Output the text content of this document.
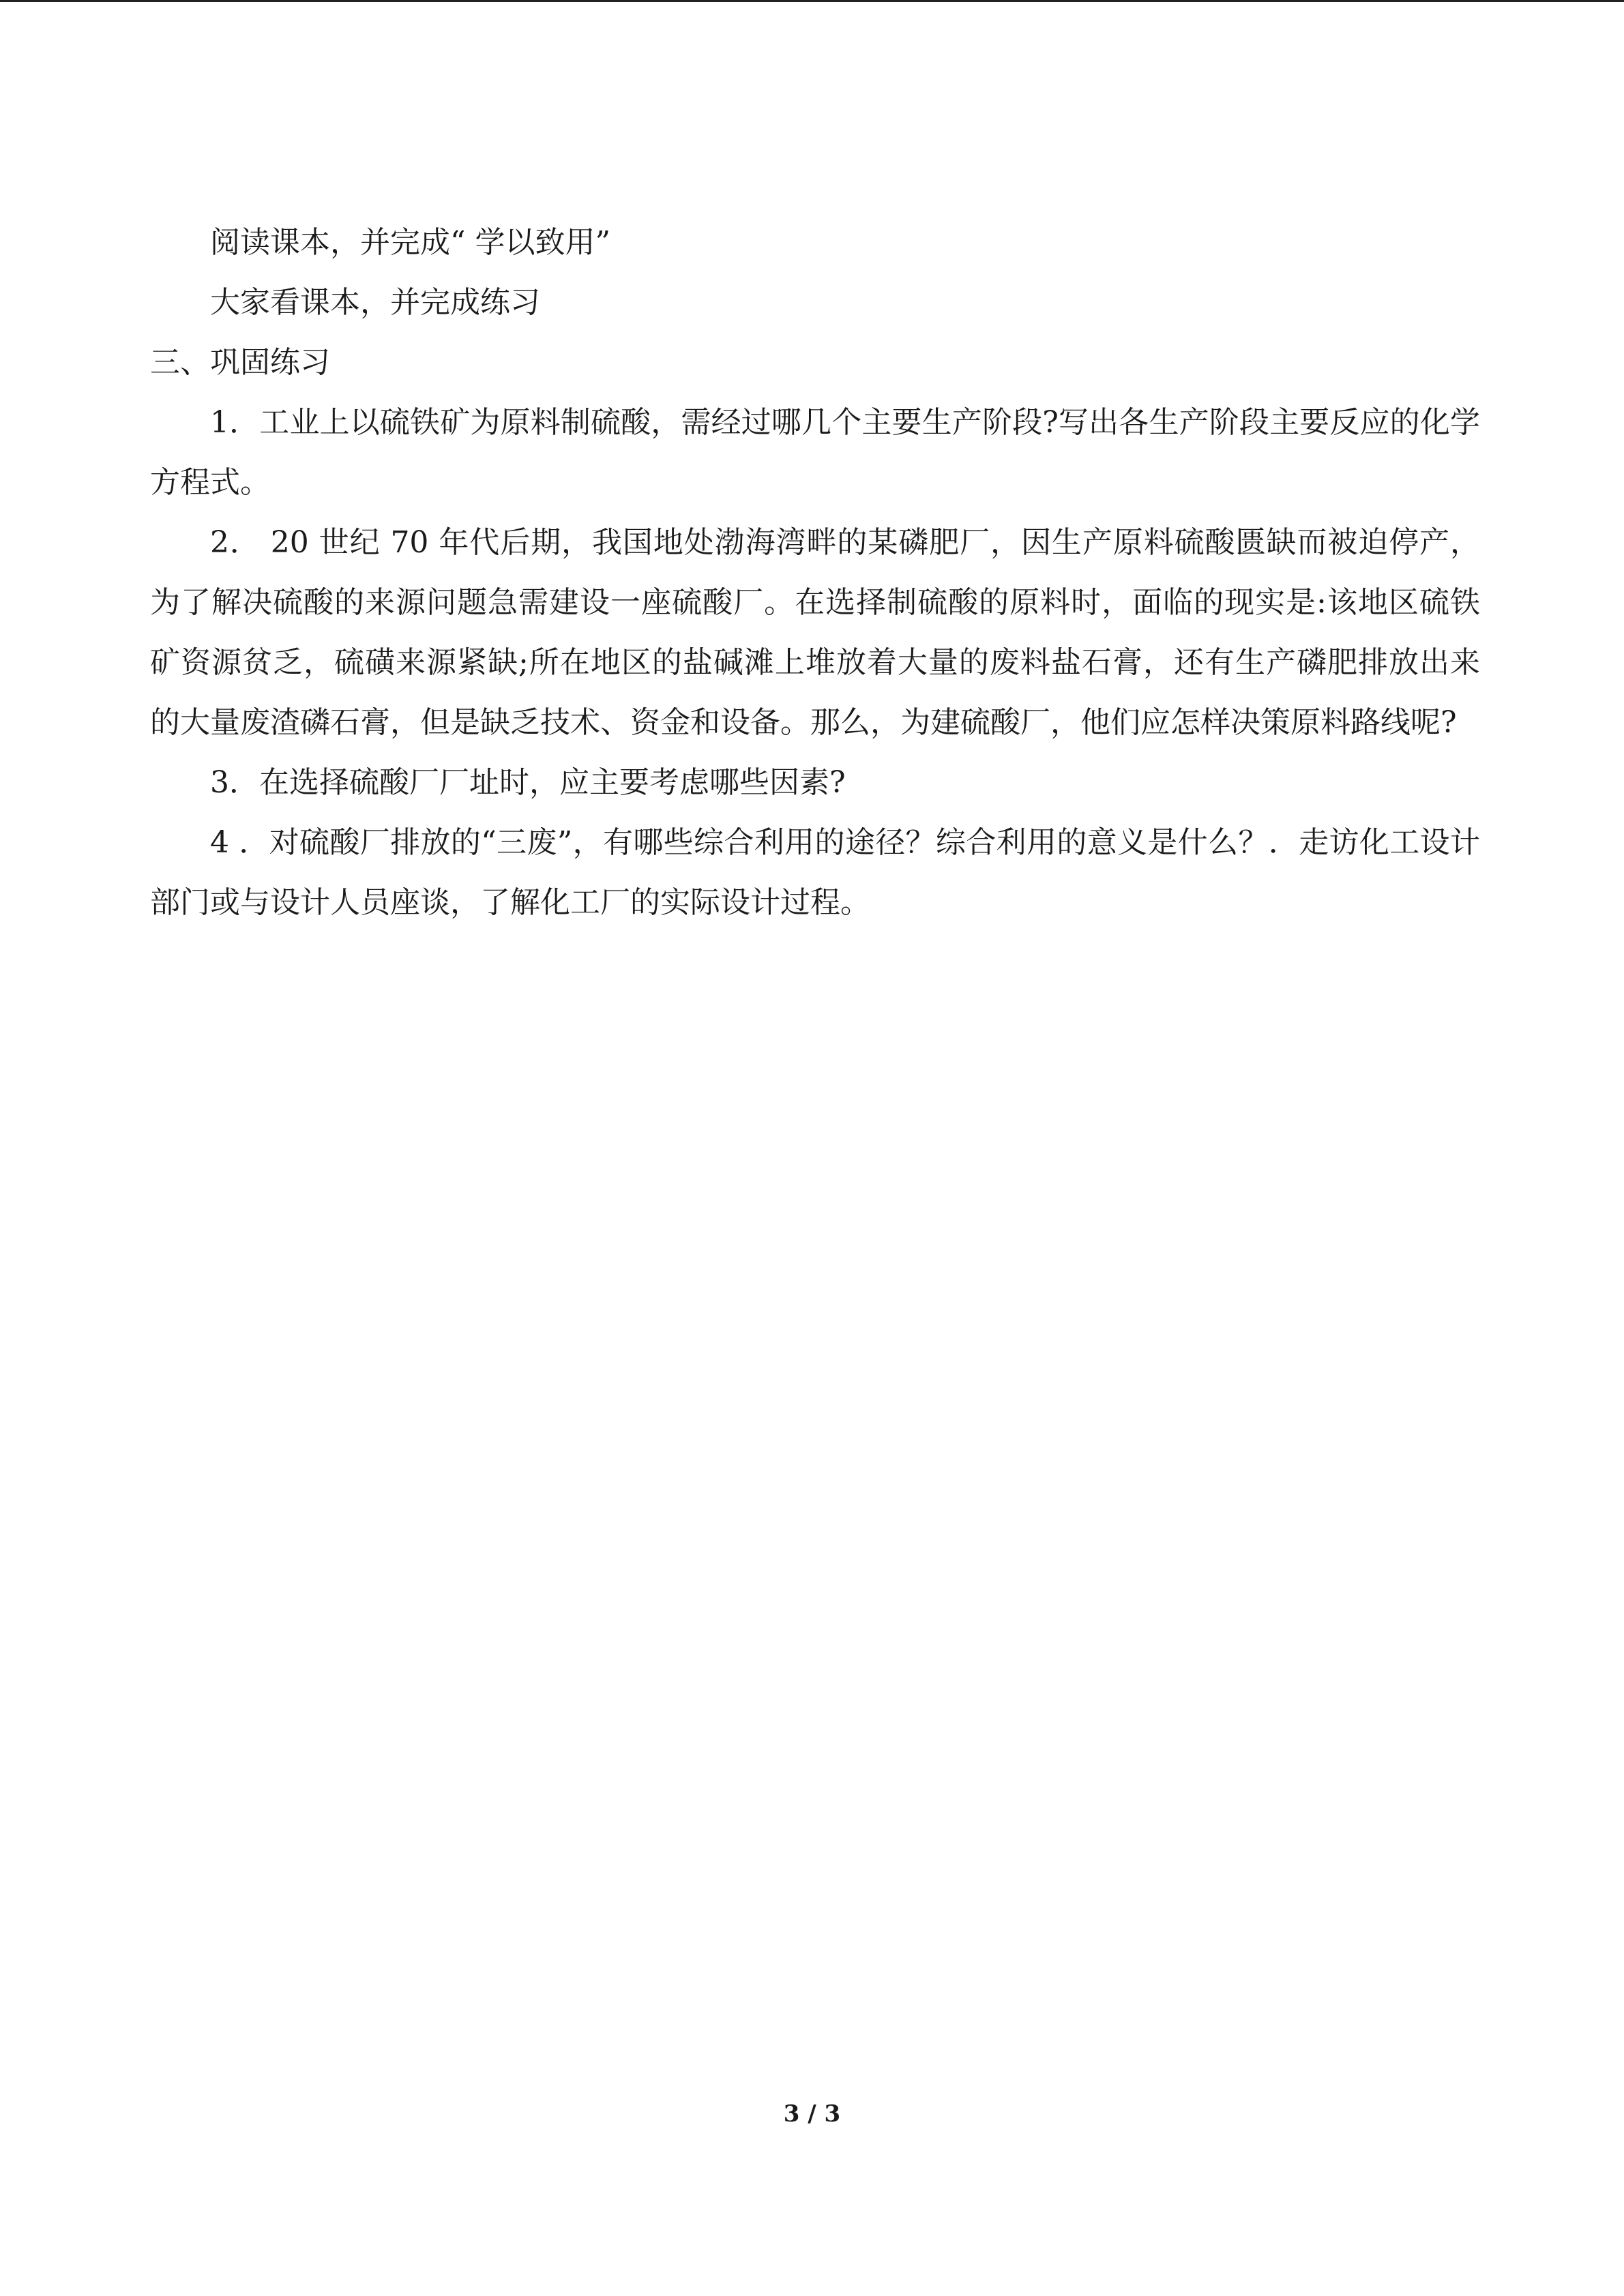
阅读课本，并完成“ 学以致用”

大家看课本，并完成练习

三、巩固练习

1．工业上以硫铁矿为原料制硫酸，需经过哪几个主要生产阶段?写出各生产阶段主要反应的化学方程式。

2． 20 世纪 70 年代后期，我国地处渤海湾畔的某磷肥厂，因生产原料硫酸匮缺而被迫停产，为了解决硫酸的来源问题急需建设一座硫酸厂。在选择制硫酸的原料时，面临的现实是:该地区硫铁矿资源贫乏，硫磺来源紧缺;所在地区的盐碱滩上堆放着大量的废料盐石膏，还有生产磷肥排放出来的大量废渣磷石膏，但是缺乏技术、资金和设备。那么，为建硫酸厂，他们应怎样决策原料路线呢?

3．在选择硫酸厂厂址时，应主要考虑哪些因素?

4 ．对硫酸厂排放的“三废”，有哪些综合利用的途径？综合利用的意义是什么？．走访化工设计部门或与设计人员座谈，了解化工厂的实际设计过程。

3 / 3
